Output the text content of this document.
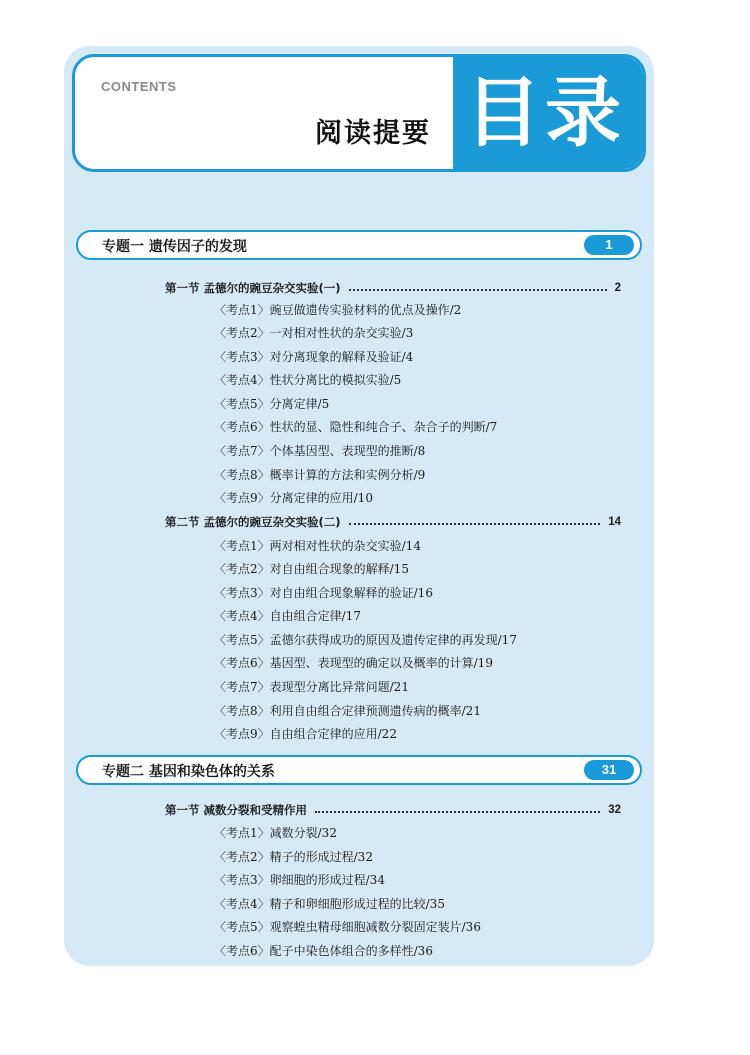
CONTENTS
阅读提要 目录
专题一 遗传因子的发现	1
第一节 孟德尔的豌豆杂交实验(一)	2
〈考点1〉豌豆做遗传实验材料的优点及操作/2
〈考点2〉一对相对性状的杂交实验/3
〈考点3〉对分离现象的解释及验证/4
〈考点4〉性状分离比的模拟实验/5
〈考点5〉分离定律/5
〈考点6〉性状的显、隐性和纯合子、杂合子的判断/7
〈考点7〉个体基因型、表现型的推断/8
〈考点8〉概率计算的方法和实例分析/9
〈考点9〉分离定律的应用/10
第二节 孟德尔的豌豆杂交实验(二)	14
〈考点1〉两对相对性状的杂交实验/14
〈考点2〉对自由组合现象的解释/15
〈考点3〉对自由组合现象解释的验证/16
〈考点4〉自由组合定律/17
〈考点5〉孟德尔获得成功的原因及遗传定律的再发现/17
〈考点6〉基因型、表现型的确定以及概率的计算/19
〈考点7〉表现型分离比异常问题/21
〈考点8〉利用自由组合定律预测遗传病的概率/21
〈考点9〉自由组合定律的应用/22
专题二 基因和染色体的关系	31
第一节 减数分裂和受精作用	32
〈考点1〉减数分裂/32
〈考点2〉精子的形成过程/32
〈考点3〉卵细胞的形成过程/34
〈考点4〉精子和卵细胞形成过程的比较/35
〈考点5〉观察蝗虫精母细胞减数分裂固定装片/36
〈考点6〉配子中染色体组合的多样性/36
